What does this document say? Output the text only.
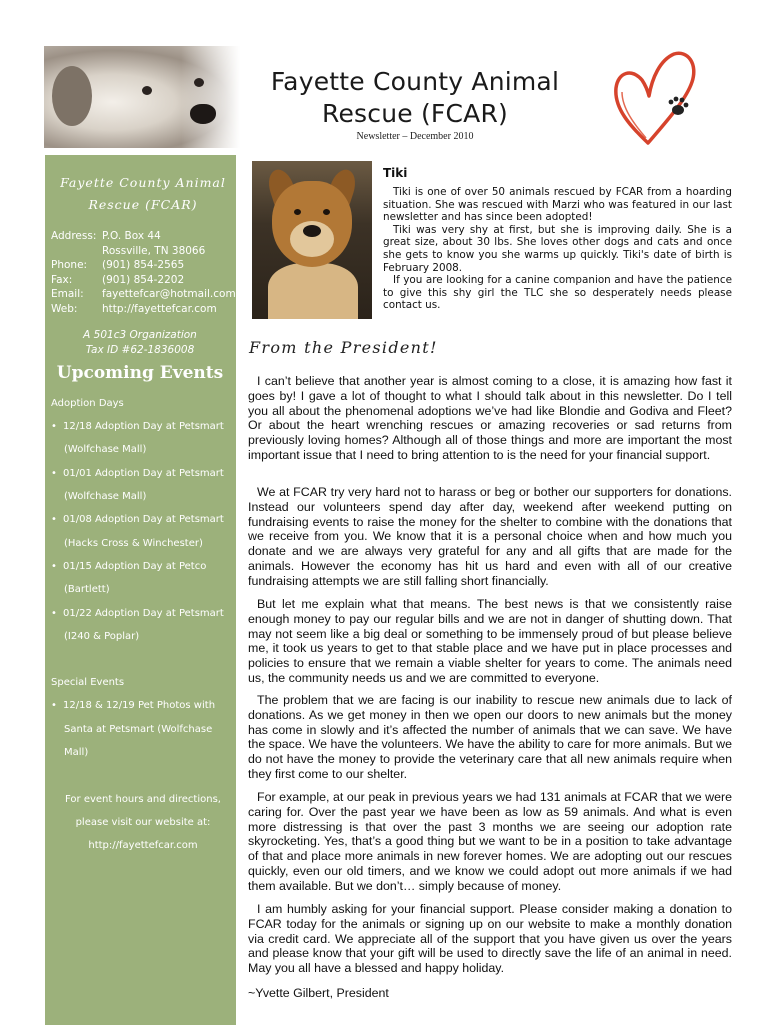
Fayette County Animal
Rescue (FCAR)
Newsletter – December 2010
Fayette County Animal
Rescue (FCAR)
Address: P.O. Box 44
Rossville, TN 38066
Phone:	(901) 854-2565
Fax:	(901) 854-2202
Email:	fayettefcar@hotmail.com
Web:	http://fayettefcar.com
A 501c3 Organization
Tax ID #62-1836008
Upcoming Events
Adoption Days
• 12/18 Adoption Day at Petsmart
(Wolfchase Mall)
• 01/01 Adoption Day at Petsmart
(Wolfchase Mall)
• 01/08 Adoption Day at Petsmart
(Hacks Cross & Winchester)
• 01/15 Adoption Day at Petco
(Bartlett)
• 01/22 Adoption Day at Petsmart
(I240 & Poplar)
Special Events
• 12/18 & 12/19 Pet Photos with
Santa at Petsmart (Wolfchase
Mall)
For event hours and directions,
please visit our website at:
http://fayettefcar.com
Tiki

Tiki is one of over 50 animals rescued by FCAR from a hoarding situation. She was rescued with Marzi who was featured in our last newsletter and has since been adopted!

Tiki was very shy at first, but she is improving daily. She is a great size, about 30 lbs. She loves other dogs and cats and once she gets to know you she warms up quickly. Tiki's date of birth is February 2008.

If you are looking for a canine companion and have the patience to give this shy girl the TLC she so desperately needs please contact us.

From the President!

I can’t believe that another year is almost coming to a close, it is amazing how fast it goes by! I gave a lot of thought to what I should talk about in this newsletter. Do I tell you all about the phenomenal adoptions we’ve had like Blondie and Godiva and Fleet? Or about the heart wrenching rescues or amazing recoveries or sad returns from previously loving homes? Although all of those things and more are important the most important issue that I need to bring attention to is the need for your financial support.

We at FCAR try very hard not to harass or beg or bother our supporters for donations. Instead our volunteers spend day after day, weekend after weekend putting on fundraising events to raise the money for the shelter to combine with the donations that we receive from you. We know that it is a personal choice when and how much you donate and we are always very grateful for any and all gifts that are made for the animals. However the economy has hit us hard and even with all of our creative fundraising attempts we are still falling short financially.

But let me explain what that means. The best news is that we consistently raise enough money to pay our regular bills and we are not in danger of shutting down. That may not seem like a big deal or something to be immensely proud of but please believe me, it took us years to get to that stable place and we have put in place processes and policies to ensure that we remain a viable shelter for years to come. The animals need us, the community needs us and we are committed to everyone.

The problem that we are facing is our inability to rescue new animals due to lack of donations. As we get money in then we open our doors to new animals but the money has come in slowly and it’s affected the number of animals that we can save. We have the space. We have the volunteers. We have the ability to care for more animals. But we do not have the money to provide the veterinary care that all new animals require when they first come to our shelter.

For example, at our peak in previous years we had 131 animals at FCAR that we were caring for. Over the past year we have been as low as 59 animals. And what is even more distressing is that over the past 3 months we are seeing our adoption rate skyrocketing. Yes, that’s a good thing but we want to be in a position to take advantage of that and place more animals in new forever homes. We are adopting out our rescues quickly, even our old timers, and we know we could adopt out more animals if we had them available. But we don’t… simply because of money.

I am humbly asking for your financial support. Please consider making a donation to FCAR today for the animals or signing up on our website to make a monthly donation via credit card. We appreciate all of the support that you have given us over the years and please know that your gift will be used to directly save the life of an animal in need. May you all have a blessed and happy holiday.

~Yvette Gilbert, President
